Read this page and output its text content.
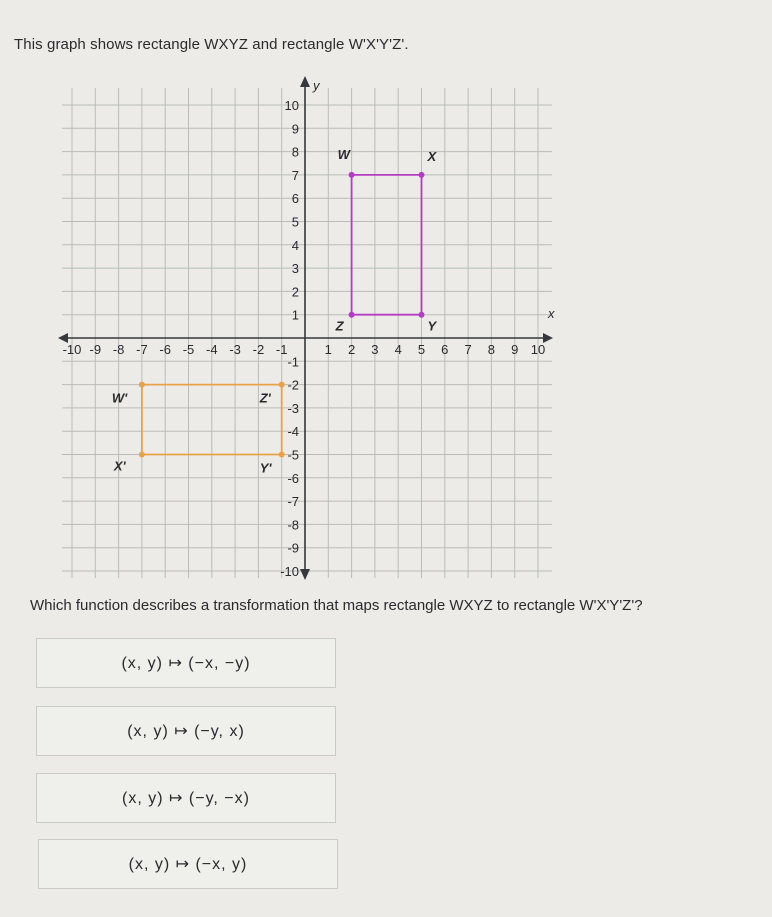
This graph shows rectangle WXYZ and rectangle W'X'Y'Z'.
x
y
-10 -9 -8 -7 -6 -5 -4 -3 -2 -1	1 2 3 4 5 6 7 8 9 10
10
9
8
7
6
5
4
3
2
1
-1
-2
-3
-4
-5
-6
-7
-8
-9
-10
W	X
Y
Z
W'	Z'
Y'
X'
Which function describes a transformation that maps rectangle WXYZ to rectangle W'X'Y'Z'?
(x, y) ↦ (−x, −y)
(x, y) ↦ (−y, x)
(x, y) ↦ (−y, −x)
(x, y) ↦ (−x, y)
